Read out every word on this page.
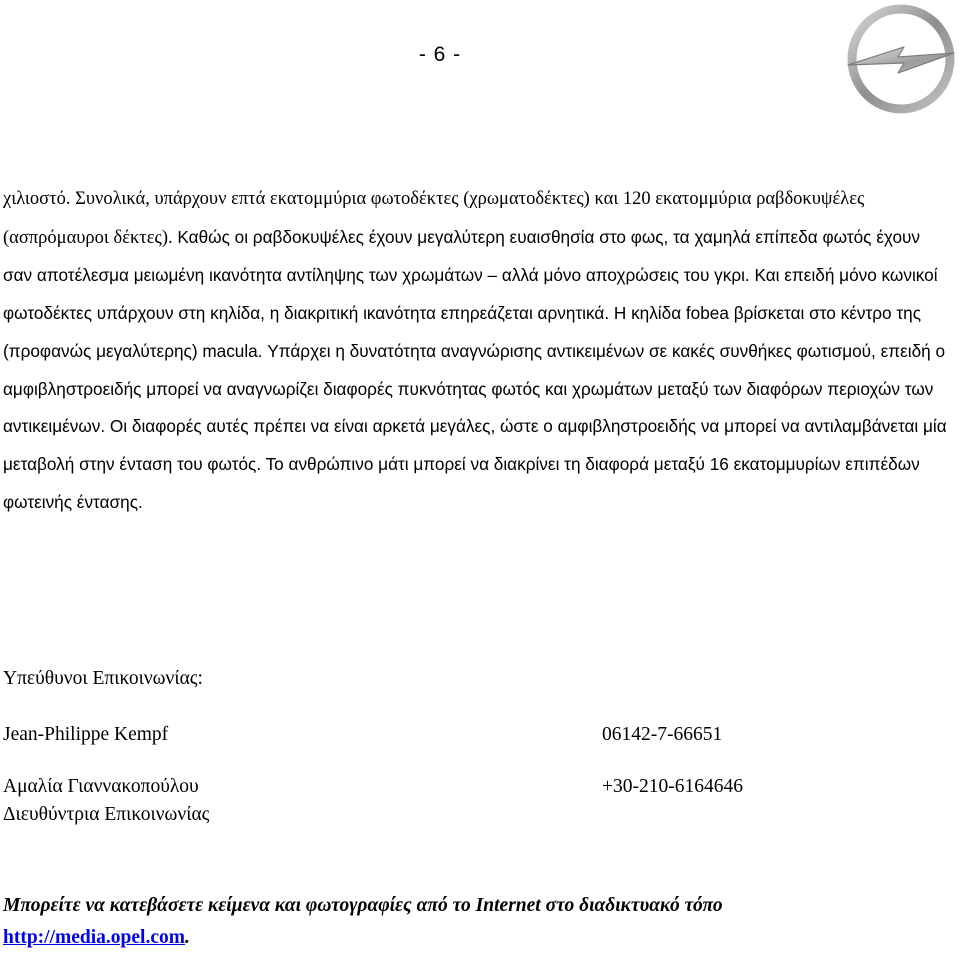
- 6 -

χιλιοστό. Συνολικά, υπάρχουν επτά εκατομμύρια φωτοδέκτες (χρωματοδέκτες) και 120 εκατομμύρια ραβδοκυψέλες (ασπρόμαυροι δέκτες). Καθώς οι ραβδοκυψέλες έχουν μεγαλύτερη ευαισθησία στο φως, τα χαμηλά επίπεδα φωτός έχουν σαν αποτέλεσμα μειωμένη ικανότητα αντίληψης των χρωμάτων – αλλά μόνο αποχρώσεις του γκρι. Και επειδή μόνο κωνικοί φωτοδέκτες υπάρχουν στη κηλίδα, η διακριτική ικανότητα επηρεάζεται αρνητικά. Η κηλίδα fobea βρίσκεται στο κέντρο της (προφανώς μεγαλύτερης) macula. Υπάρχει η δυνατότητα αναγνώρισης αντικειμένων σε κακές συνθήκες φωτισμού, επειδή ο αμφιβληστροειδής μπορεί να αναγνωρίζει διαφορές πυκνότητας φωτός και χρωμάτων μεταξύ των διαφόρων περιοχών των αντικειμένων. Οι διαφορές αυτές πρέπει να είναι αρκετά μεγάλες, ώστε ο αμφιβληστροειδής να μπορεί να αντιλαμβάνεται μία μεταβολή στην ένταση του φωτός. Το ανθρώπινο μάτι μπορεί να διακρίνει τη διαφορά μεταξύ 16 εκατομμυρίων επιπέδων φωτεινής έντασης.

Υπεύθυνοι Επικοινωνίας:
Jean-Philippe Kempf	06142-7-66651
Αμαλία Γιαννακοπούλου	+30-210-6164646
Διευθύντρια Επικοινωνίας

Μπορείτε να κατεβάσετε κείμενα και φωτογραφίες από το Internet στο διαδικτυακό τόπο
http://media.opel.com.
